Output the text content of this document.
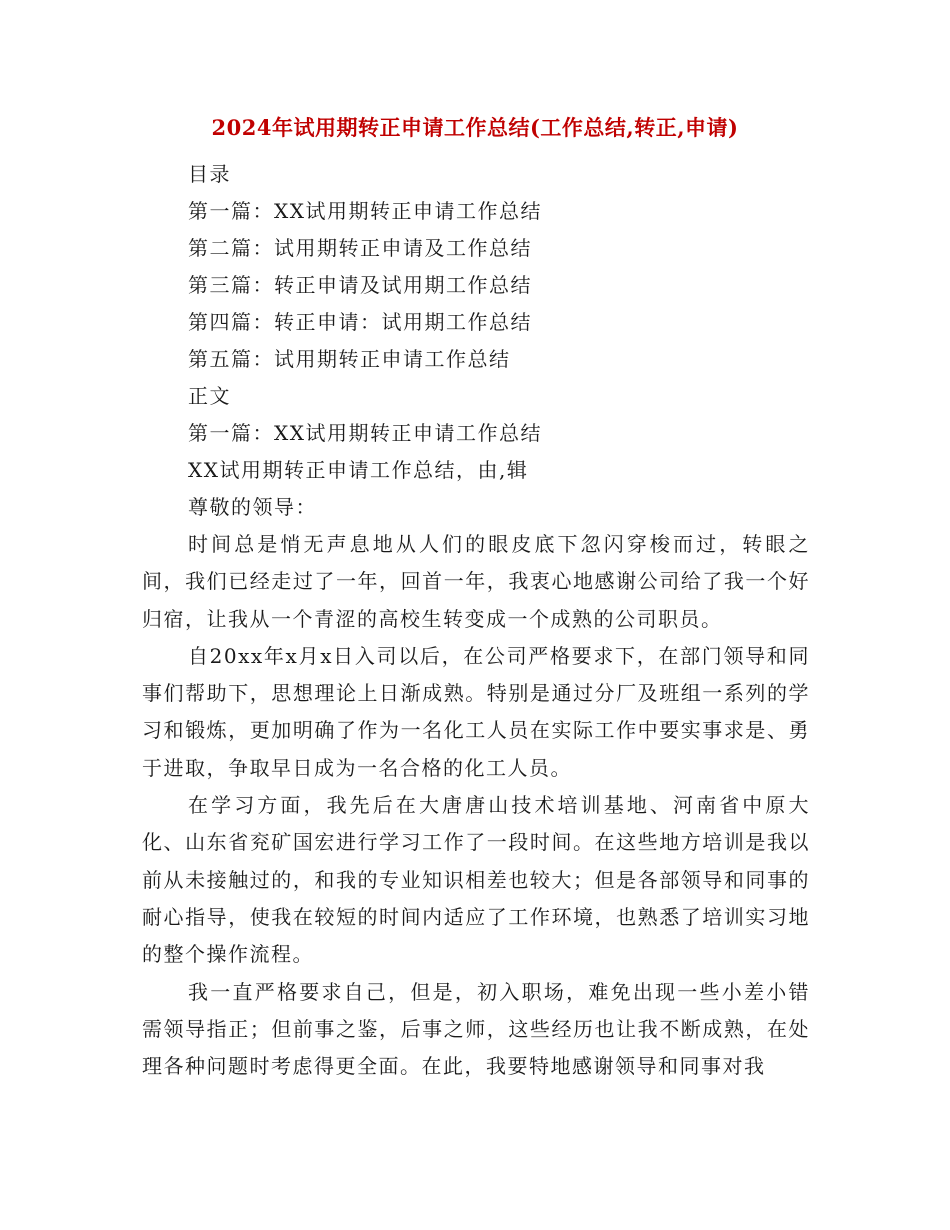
2024年试用期转正申请工作总结(工作总结,转正,申请)

目录

第一篇：XX试用期转正申请工作总结

第二篇：试用期转正申请及工作总结

第三篇：转正申请及试用期工作总结

第四篇：转正申请：试用期工作总结

第五篇：试用期转正申请工作总结

正文

第一篇：XX试用期转正申请工作总结

XX试用期转正申请工作总结，由,辑

尊敬的领导：

时间总是悄无声息地从人们的眼皮底下忽闪穿梭而过，转眼之间，我们已经走过了一年，回首一年，我衷心地感谢公司给了我一个好归宿，让我从一个青涩的高校生转变成一个成熟的公司职员。

自20xx年x月x日入司以后，在公司严格要求下，在部门领导和同事们帮助下，思想理论上日渐成熟。特别是通过分厂及班组一系列的学习和锻炼，更加明确了作为一名化工人员在实际工作中要实事求是、勇于进取，争取早日成为一名合格的化工人员。

在学习方面，我先后在大唐唐山技术培训基地、河南省中原大化、山东省兖矿国宏进行学习工作了一段时间。在这些地方培训是我以前从未接触过的，和我的专业知识相差也较大；但是各部领导和同事的耐心指导，使我在较短的时间内适应了工作环境，也熟悉了培训实习地的整个操作流程。

我一直严格要求自己，但是，初入职场，难免出现一些小差小错需领导指正；但前事之鉴，后事之师，这些经历也让我不断成熟，在处理各种问题时考虑得更全面。在此，我要特地感谢领导和同事对我
